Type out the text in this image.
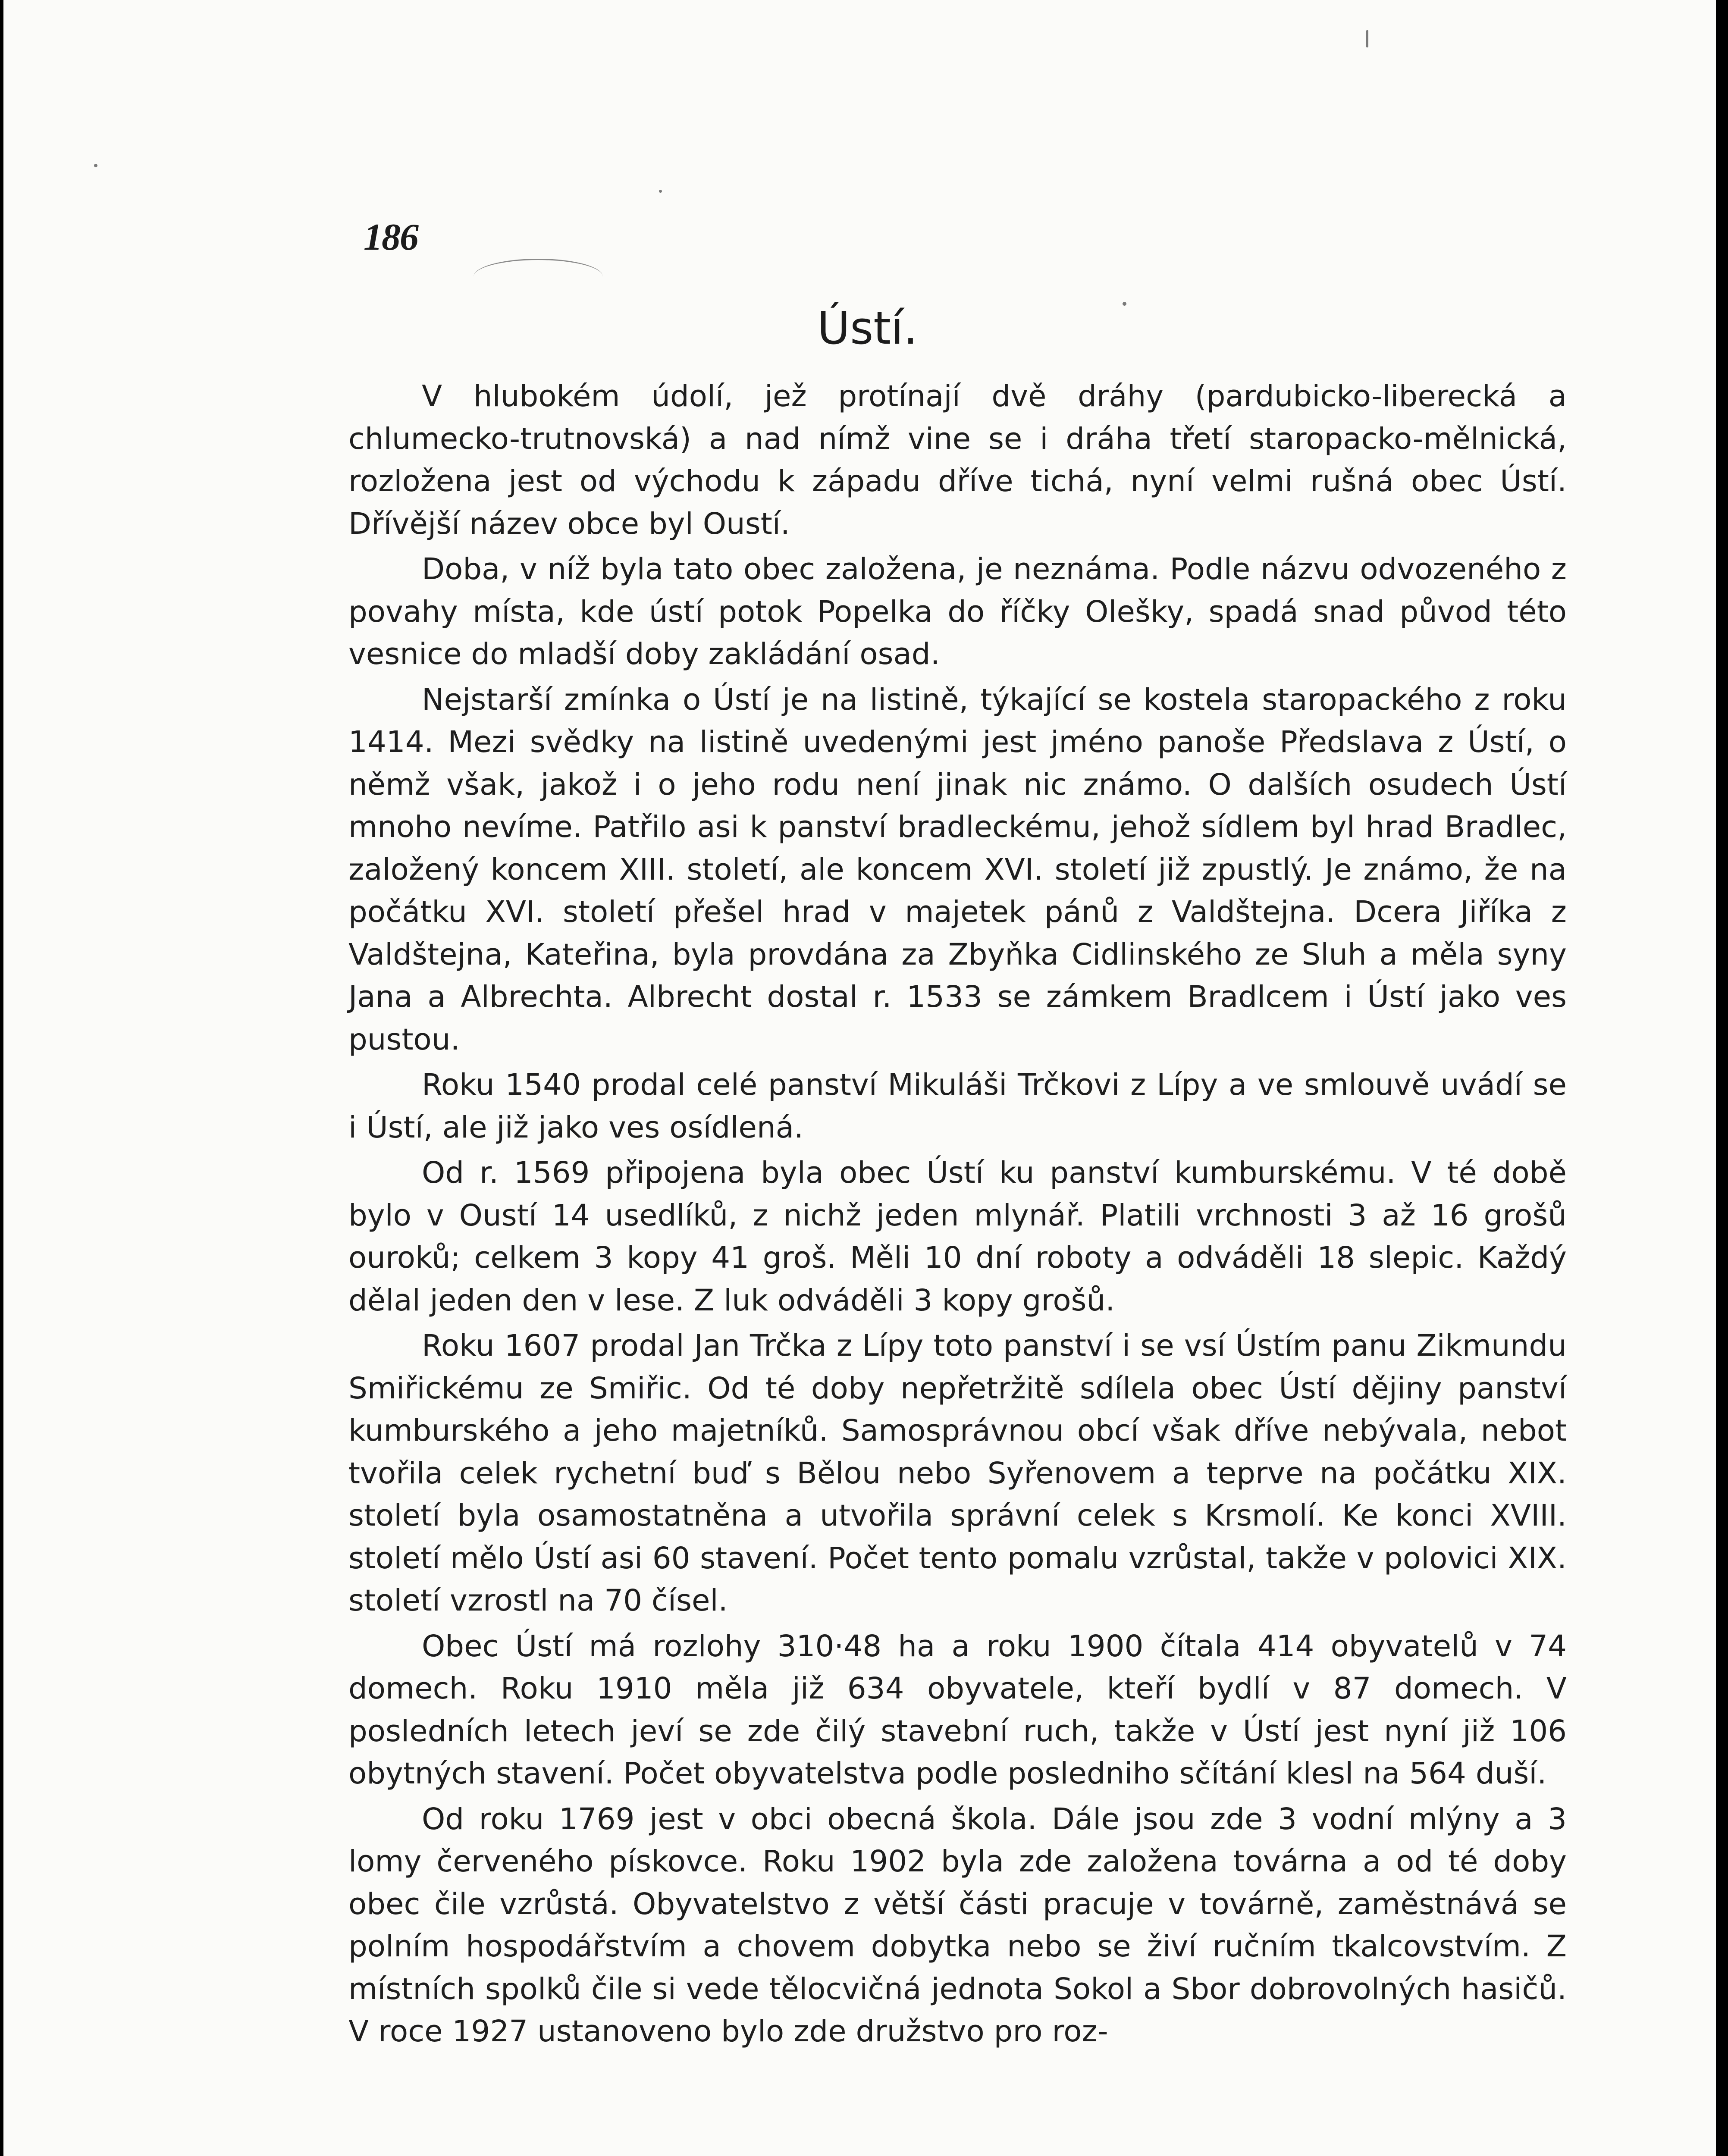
186
Ústí.

V hlubokém údolí, jež protínají dvě dráhy (pardubicko-liberecká a chlumecko-trutnovská) a nad nímž vine se i dráha třetí staropacko-mělnická, rozložena jest od východu k západu dříve tichá, nyní velmi rušná obec Ústí. Dřívější název obce byl Oustí.

Doba, v níž byla tato obec založena, je neznáma. Podle názvu odvozeného z povahy místa, kde ústí potok Popelka do říčky Olešky, spadá snad původ této vesnice do mladší doby zakládání osad.

Nejstarší zmínka o Ústí je na listině, týkající se kostela staropackého z roku 1414. Mezi svědky na listině uvedenými jest jméno panoše Předslava z Ústí, o němž však, jakož i o jeho rodu není jinak nic známo. O dalších osudech Ústí mnoho nevíme. Patřilo asi k panství bradleckému, jehož sídlem byl hrad Bradlec, založený koncem XIII. století, ale koncem XVI. století již zpustlý. Je známo, že na počátku XVI. století přešel hrad v majetek pánů z Valdštejna. Dcera Jiříka z Valdštejna, Kateřina, byla provdána za Zbyňka Cidlinského ze Sluh a měla syny Jana a Albrechta. Albrecht dostal r. 1533 se zámkem Bradlcem i Ústí jako ves pustou.

Roku 1540 prodal celé panství Mikuláši Trčkovi z Lípy a ve smlouvě uvádí se i Ústí, ale již jako ves osídlená.

Od r. 1569 připojena byla obec Ústí ku panství kumburskému. V té době bylo v Oustí 14 usedlíků, z nichž jeden mlynář. Platili vrchnosti 3 až 16 grošů ouroků; celkem 3 kopy 41 groš. Měli 10 dní roboty a odváděli 18 slepic. Každý dělal jeden den v lese. Z luk odváděli 3 kopy grošů.

Roku 1607 prodal Jan Trčka z Lípy toto panství i se vsí Ústím panu Zikmundu Smiřickému ze Smiřic. Od té doby nepřetržitě sdílela obec Ústí dějiny panství kumburského a jeho majetníků. Samosprávnou obcí však dříve nebývala, nebot tvořila celek rychetní buď s Bělou nebo Syřenovem a teprve na počátku XIX. století byla osamostatněna a utvořila správní celek s Krsmolí. Ke konci XVIII. století mělo Ústí asi 60 stavení. Počet tento pomalu vzrůstal, takže v polovici XIX. století vzrostl na 70 čísel.

Obec Ústí má rozlohy 310·48 ha a roku 1900 čítala 414 obyvatelů v 74 domech. Roku 1910 měla již 634 obyvatele, kteří bydlí v 87 domech. V posledních letech jeví se zde čilý stavební ruch, takže v Ústí jest nyní již 106 obytných stavení. Počet obyvatelstva podle posledniho sčítání klesl na 564 duší.

Od roku 1769 jest v obci obecná škola. Dále jsou zde 3 vodní mlýny a 3 lomy červeného pískovce. Roku 1902 byla zde založena továrna a od té doby obec čile vzrůstá. Obyvatelstvo z větší části pracuje v továrně, zaměstnává se polním hospodářstvím a chovem dobytka nebo se živí ručním tkalcovstvím. Z místních spolků čile si vede tělocvičná jednota Sokol a Sbor dobrovolných hasičů. V roce 1927 ustanoveno bylo zde družstvo pro roz-
